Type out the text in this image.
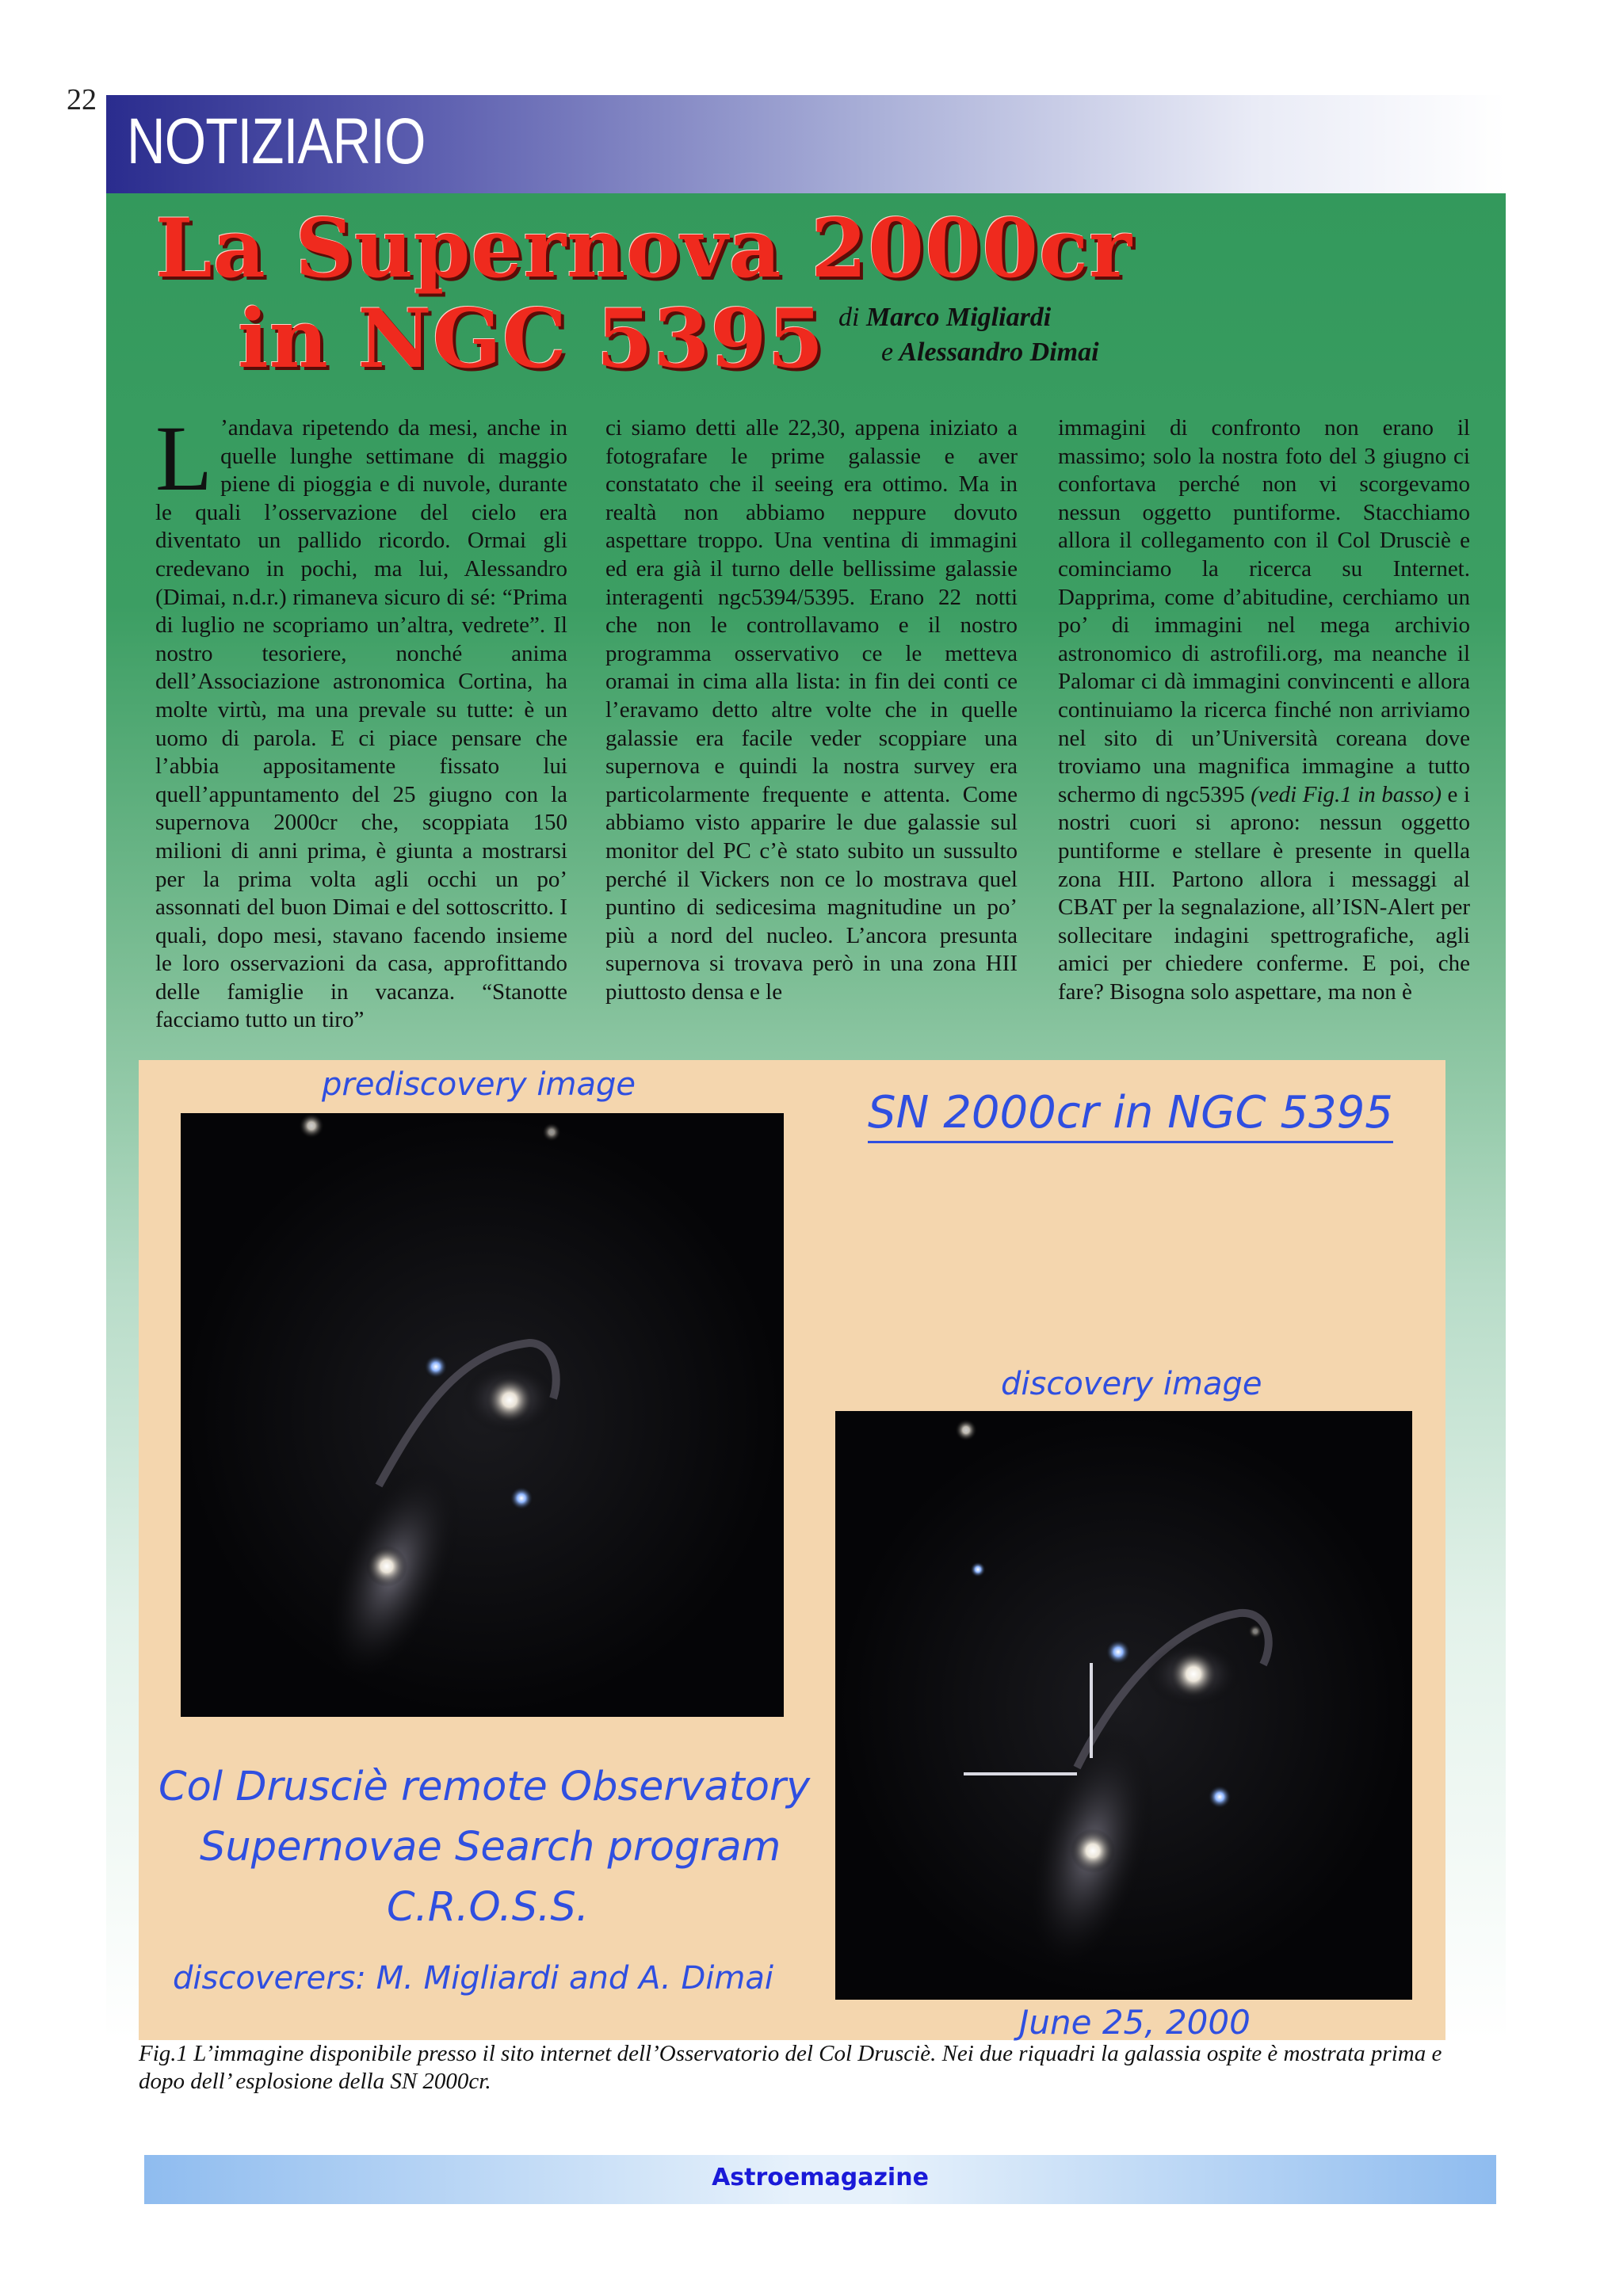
22
NOTIZIARIO
La Supernova 2000cr
in NGC 5395 di Marco Migliardi
e Alessandro Dimai
L ’andava ripetendo da mesi, anche in quelle lunghe settimane di maggio piene di pioggia e di nuvole, durante le quali l’osservazione del cielo era diventato un pallido ricordo. Ormai gli credevano in pochi, ma lui, Alessandro (Dimai, n.d.r.) rimaneva sicuro di sé: “Prima di luglio ne scopriamo un’altra, vedrete”. Il nostro tesoriere, nonché anima dell’Associazione astronomica Cortina, ha molte virtù, ma una prevale su tutte: è un uomo di parola. E ci piace pensare che l’abbia appositamente fissato lui quell’appuntamento del 25 giugno con la supernova 2000cr che, scoppiata 150 milioni di anni prima, è giunta a mostrarsi per la prima volta agli occhi un po’ assonnati del buon Dimai e del sottoscritto. I quali, dopo mesi, stavano facendo insieme le loro osservazioni da casa, approfittando delle famiglie in vacanza. “Stanotte facciamo tutto un tiro”
ci siamo detti alle 22,30, appena iniziato a fotografare le prime galassie e aver constatato che il seeing era ottimo. Ma in realtà non abbiamo neppure dovuto aspettare troppo. Una ventina di immagini ed era già il turno delle bellissime galassie interagenti ngc5394/5395. Erano 22 notti che non le controllavamo e il nostro programma osservativo ce le metteva oramai in cima alla lista: in fin dei conti ce l’eravamo detto altre volte che in quelle galassie era facile veder scoppiare una supernova e quindi la nostra survey era particolarmente frequente e attenta. Come abbiamo visto apparire le due galassie sul monitor del PC c’è stato subito un sussulto perché il Vickers non ce lo mostrava quel puntino di sedicesima magnitudine un po’ più a nord del nucleo. L’ancora presunta supernova si trovava però in una zona HII piuttosto densa e le
immagini di confronto non erano il massimo; solo la nostra foto del 3 giugno ci confortava perché non vi scorgevamo nessun oggetto puntiforme. Stacchiamo allora il collegamento con il Col Drusciè e cominciamo la ricerca su Internet. Dapprima, come d’abitudine, cerchiamo un po’ di immagini nel mega archivio astronomico di astrofili.org, ma neanche il Palomar ci dà immagini convincenti e allora continuiamo la ricerca finché non arriviamo nel sito di un’Università coreana dove troviamo una magnifica immagine a tutto schermo di ngc5395 (vedi Fig.1 in basso) e i nostri cuori si aprono: nessun oggetto puntiforme e stellare è presente in quella zona HII. Partono allora i messaggi al CBAT per la segnalazione, all’ISN-Alert per sollecitare indagini spettrografiche, agli amici per chiedere conferme. E poi, che fare? Bisogna solo aspettare, ma non è
prediscovery image
SN 2000cr in NGC 5395
discovery image
Col Drusciè remote Observatory
Supernovae Search program
C.R.O.S.S.
discoverers: M. Migliardi and A. Dimai
June 25, 2000
Fig.1 L’immagine disponibile presso il sito internet dell’Osservatorio del Col Drusciè. Nei due riquadri la galassia ospite è mostrata prima e dopo dell’ esplosione della SN 2000cr.
Astroemagazine
